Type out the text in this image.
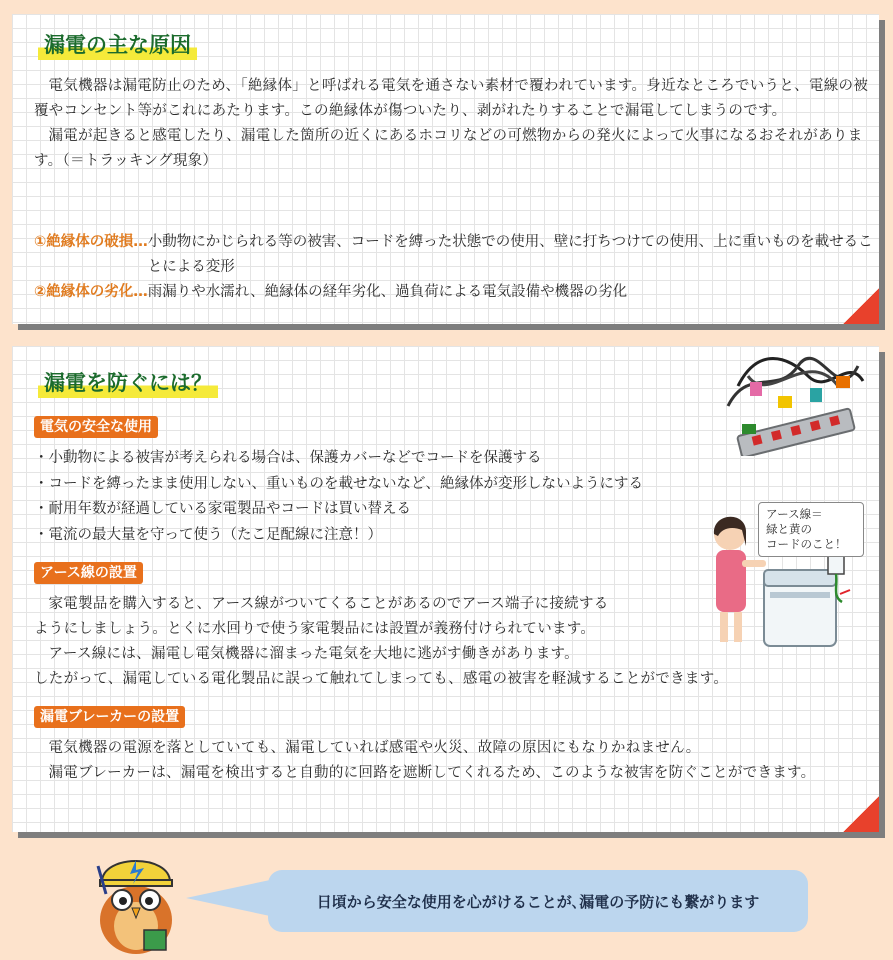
漏電の主な原因

電気機器は漏電防止のため、「絶縁体」と呼ばれる電気を通さない素材で覆われています。身近なところでいうと、電線の被覆やコンセント等がこれにあたります。この絶縁体が傷ついたり、剥がれたりすることで漏電してしまうのです。

漏電が起きると感電したり、漏電した箇所の近くにあるホコリなどの可燃物からの発火によって火事になるおそれがあります。（＝トラッキング現象）

①絶縁体の破損… 小動物にかじられる等の被害、コードを縛った状態での使用、壁に打ちつけての使用、上に重いものを載せることによる変形
②絶縁体の劣化… 雨漏りや水濡れ、絶縁体の経年劣化、過負荷による電気設備や機器の劣化
漏電を防ぐには？
電気の安全な使用
・ 小動物による被害が考えられる場合は、保護カバーなどでコードを保護する
・ コードを縛ったまま使用しない、重いものを載せないなど、絶縁体が変形しないようにする
・ 耐用年数が経過している家電製品やコードは買い替える
・ 電流の最大量を守って使う（たこ足配線に注意！）
アース線の設置
家電製品を購入すると、アース線がついてくることがあるのでアース端子に接続する
ようにしましょう。とくに水回りで使う家電製品には設置が義務付けられています。
アース線には、漏電し電気機器に溜まった電気を大地に逃がす働きがあります。
したがって、漏電している電化製品に誤って触れてしまっても、感電の被害を軽減することができます。
漏電ブレーカーの設置

電気機器の電源を落としていても、漏電していれば感電や火災、故障の原因にもなりかねません。

漏電ブレーカーは、漏電を検出すると自動的に回路を遮断してくれるため、このような被害を防ぐことができます。

アース線＝
緑と黄の
コードのこと！
日頃から安全な使用を心がけることが､漏電の予防にも繋がります
